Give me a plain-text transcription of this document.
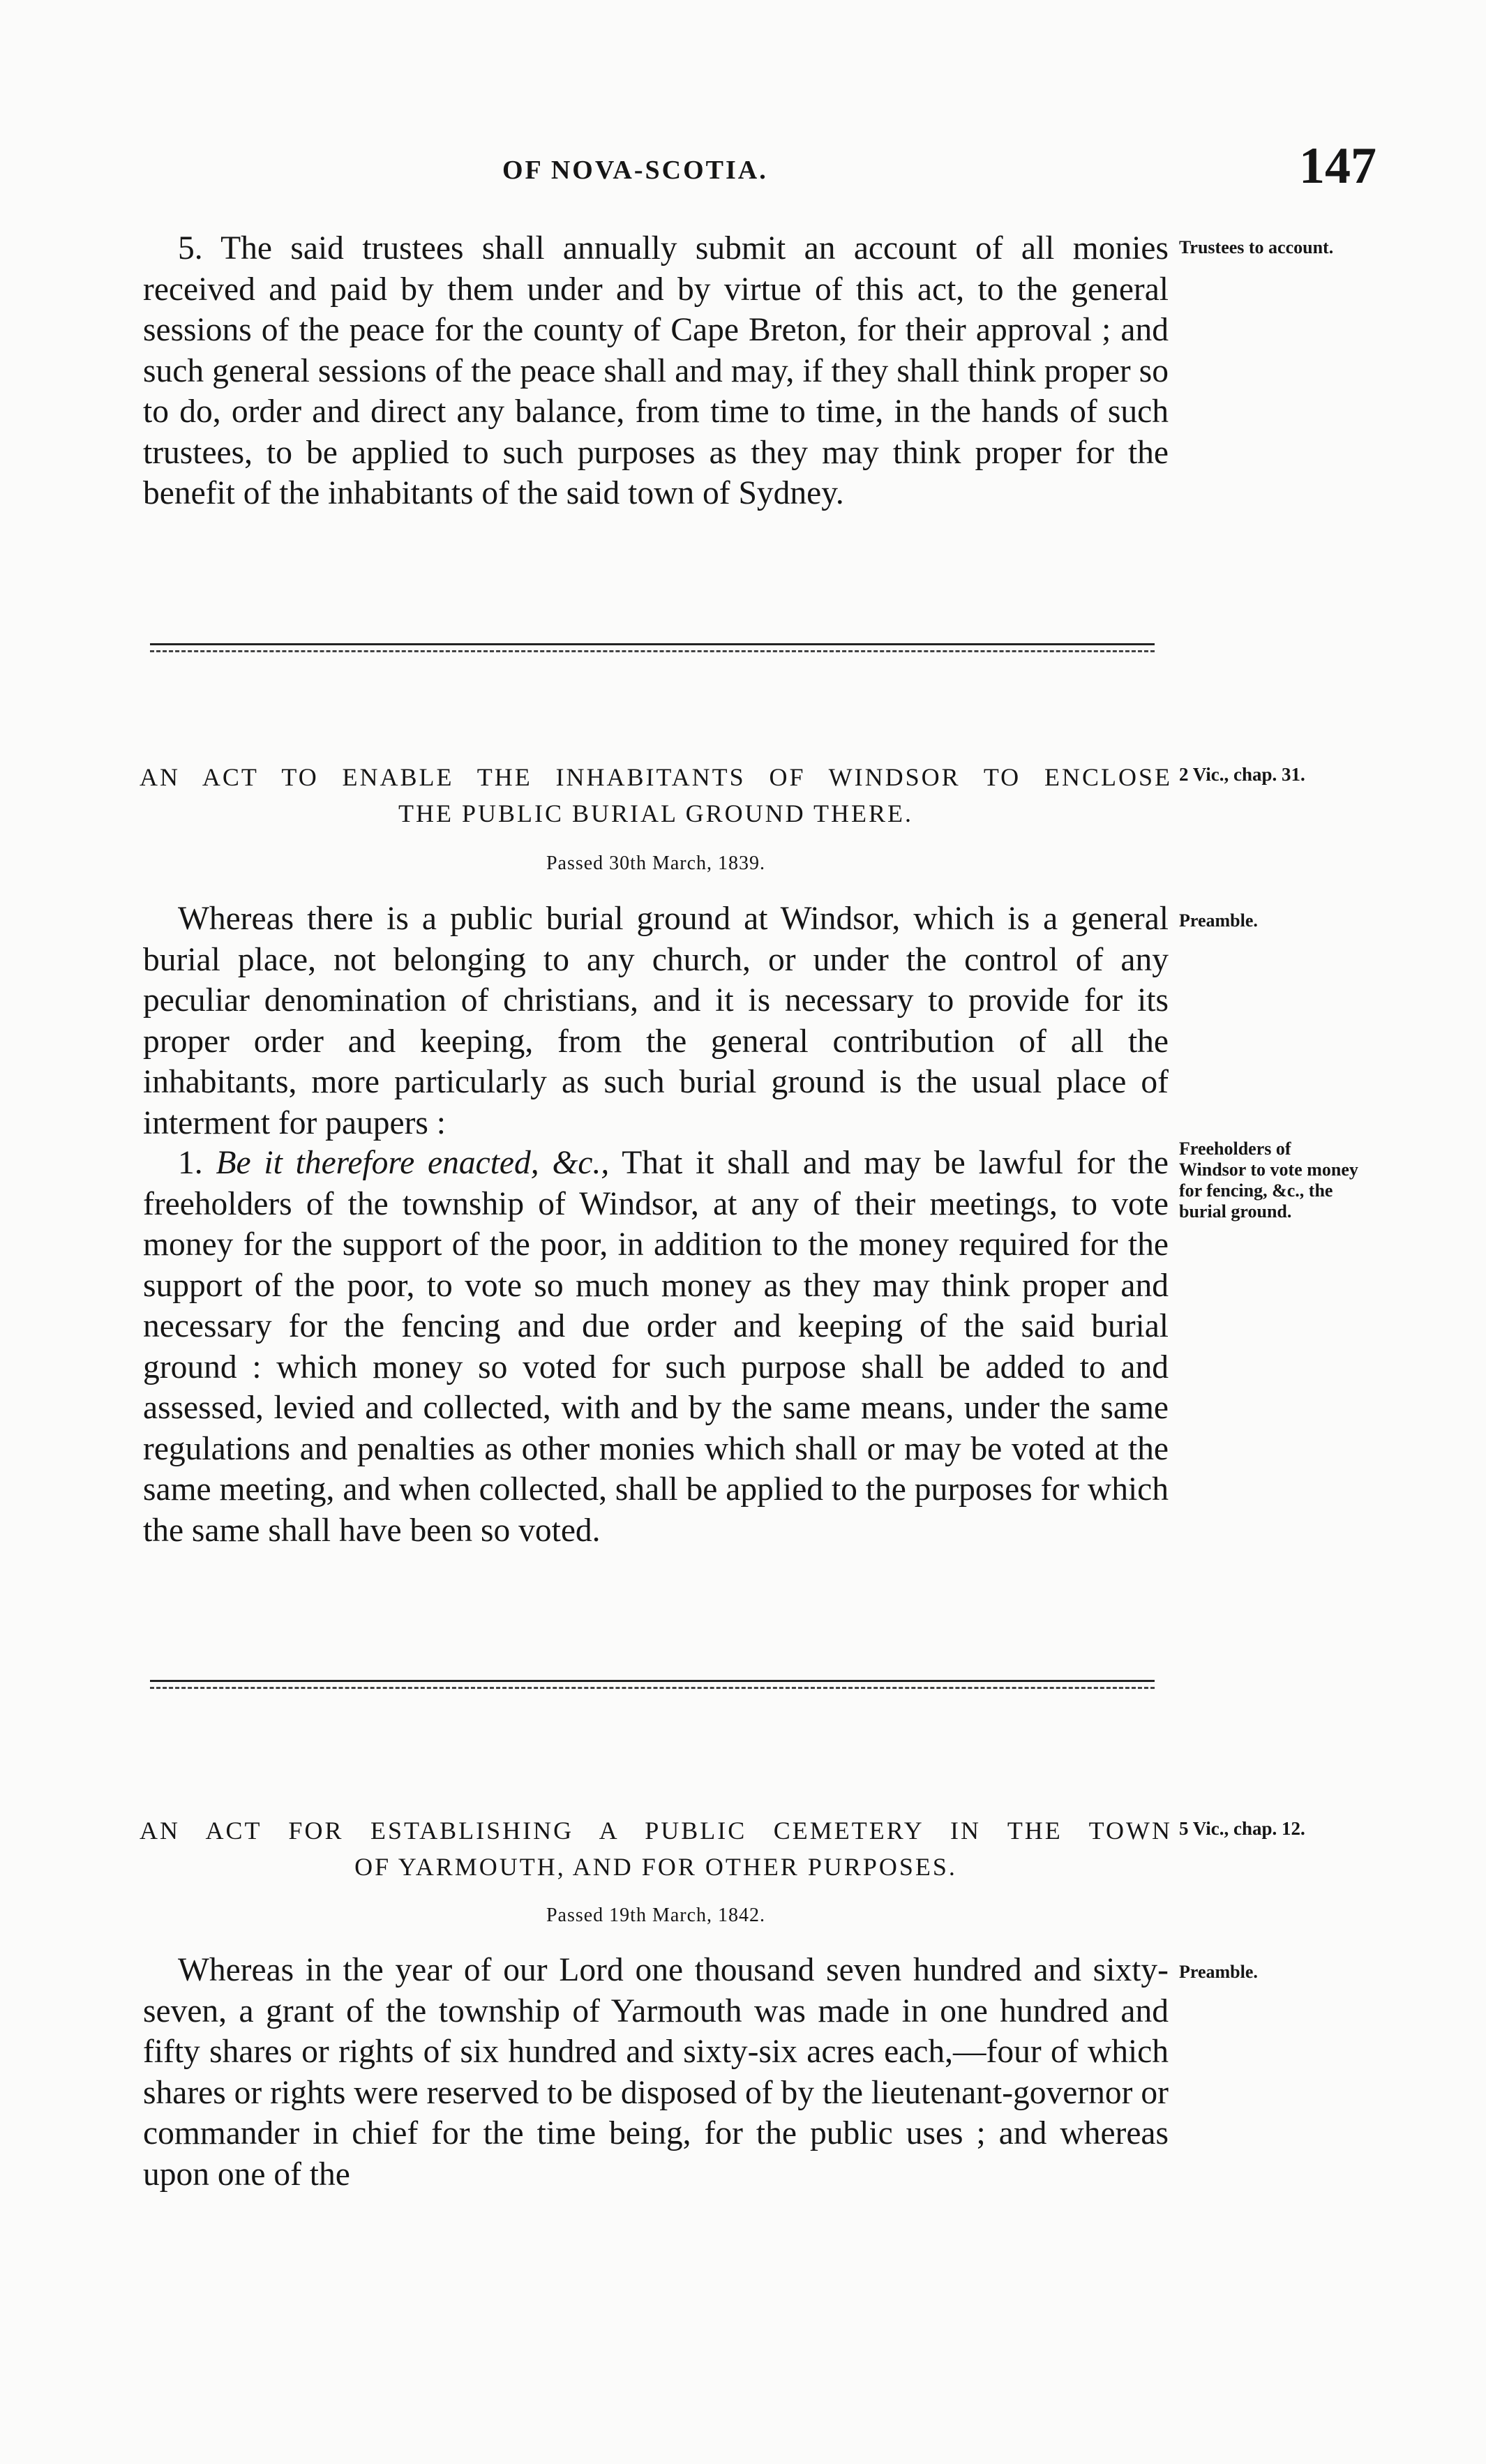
OF NOVA-SCOTIA.	147
Trustees to account.

5. The said trustees shall annually submit an account of all monies received and paid by them under and by virtue of this act, to the general sessions of the peace for the county of Cape Breton, for their approval ; and such general sessions of the peace shall and may, if they shall think proper so to do, order and direct any balance, from time to time, in the hands of such trustees, to be applied to such purposes as they may think proper for the benefit of the inhabitants of the said town of Sydney.

2 Vic., chap. 31.
AN ACT TO ENABLE THE INHABITANTS OF WINDSOR TO ENCLOSE
THE PUBLIC BURIAL GROUND THERE.
Passed 30th March, 1839.
Preamble.

Whereas there is a public burial ground at Windsor, which is a general burial place, not belonging to any church, or under the control of any peculiar denomination of christians, and it is necessary to provide for its proper order and keeping, from the general contribution of all the inhabitants, more particularly as such burial ground is the usual place of interment for paupers :

Freeholders of Windsor to vote money for fencing, &c., the burial ground.

1. Be it therefore enacted, &c., That it shall and may be lawful for the freeholders of the township of Windsor, at any of their meetings, to vote money for the support of the poor, in addition to the money required for the support of the poor, to vote so much money as they may think proper and necessary for the fencing and due order and keeping of the said burial ground : which money so voted for such purpose shall be added to and assessed, levied and collected, with and by the same means, under the same regulations and penalties as other monies which shall or may be voted at the same meeting, and when collected, shall be applied to the purposes for which the same shall have been so voted.

5 Vic., chap. 12.
AN ACT FOR ESTABLISHING A PUBLIC CEMETERY IN THE TOWN
OF YARMOUTH, AND FOR OTHER PURPOSES.
Passed 19th March, 1842.
Preamble.

Whereas in the year of our Lord one thousand seven hundred and sixty-seven, a grant of the township of Yarmouth was made in one hundred and fifty shares or rights of six hundred and sixty-six acres each,—four of which shares or rights were reserved to be disposed of by the lieutenant-governor or commander in chief for the time being, for the public uses ; and whereas upon one of the
